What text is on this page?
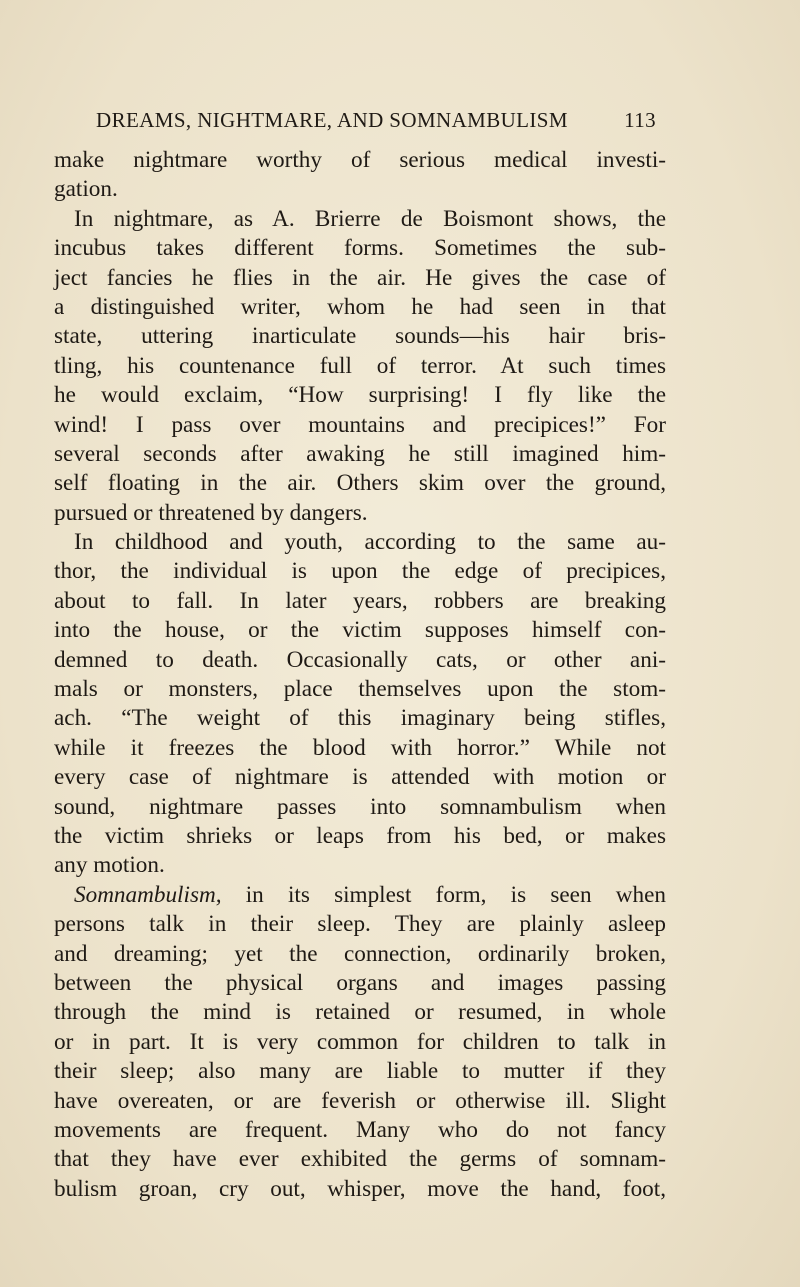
DREAMS, NIGHTMARE, AND SOMNAMBULISM	113
make nightmare worthy of serious medical investi-
gation.
In nightmare, as A. Brierre de Boismont shows, the
incubus takes different forms. Sometimes the sub-
ject fancies he flies in the air. He gives the case of
a distinguished writer, whom he had seen in that
state, uttering inarticulate sounds—his hair bris-
tling, his countenance full of terror. At such times
he would exclaim, “How surprising! I fly like the
wind! I pass over mountains and precipices!” For
several seconds after awaking he still imagined him-
self floating in the air. Others skim over the ground,
pursued or threatened by dangers.
In childhood and youth, according to the same au-
thor, the individual is upon the edge of precipices,
about to fall. In later years, robbers are breaking
into the house, or the victim supposes himself con-
demned to death. Occasionally cats, or other ani-
mals or monsters, place themselves upon the stom-
ach. “The weight of this imaginary being stifles,
while it freezes the blood with horror.” While not
every case of nightmare is attended with motion or
sound, nightmare passes into somnambulism when
the victim shrieks or leaps from his bed, or makes
any motion.
Somnambulism, in its simplest form, is seen when
persons talk in their sleep. They are plainly asleep
and dreaming; yet the connection, ordinarily broken,
between the physical organs and images passing
through the mind is retained or resumed, in whole
or in part. It is very common for children to talk in
their sleep; also many are liable to mutter if they
have overeaten, or are feverish or otherwise ill. Slight
movements are frequent. Many who do not fancy
that they have ever exhibited the germs of somnam-
bulism groan, cry out, whisper, move the hand, foot,
